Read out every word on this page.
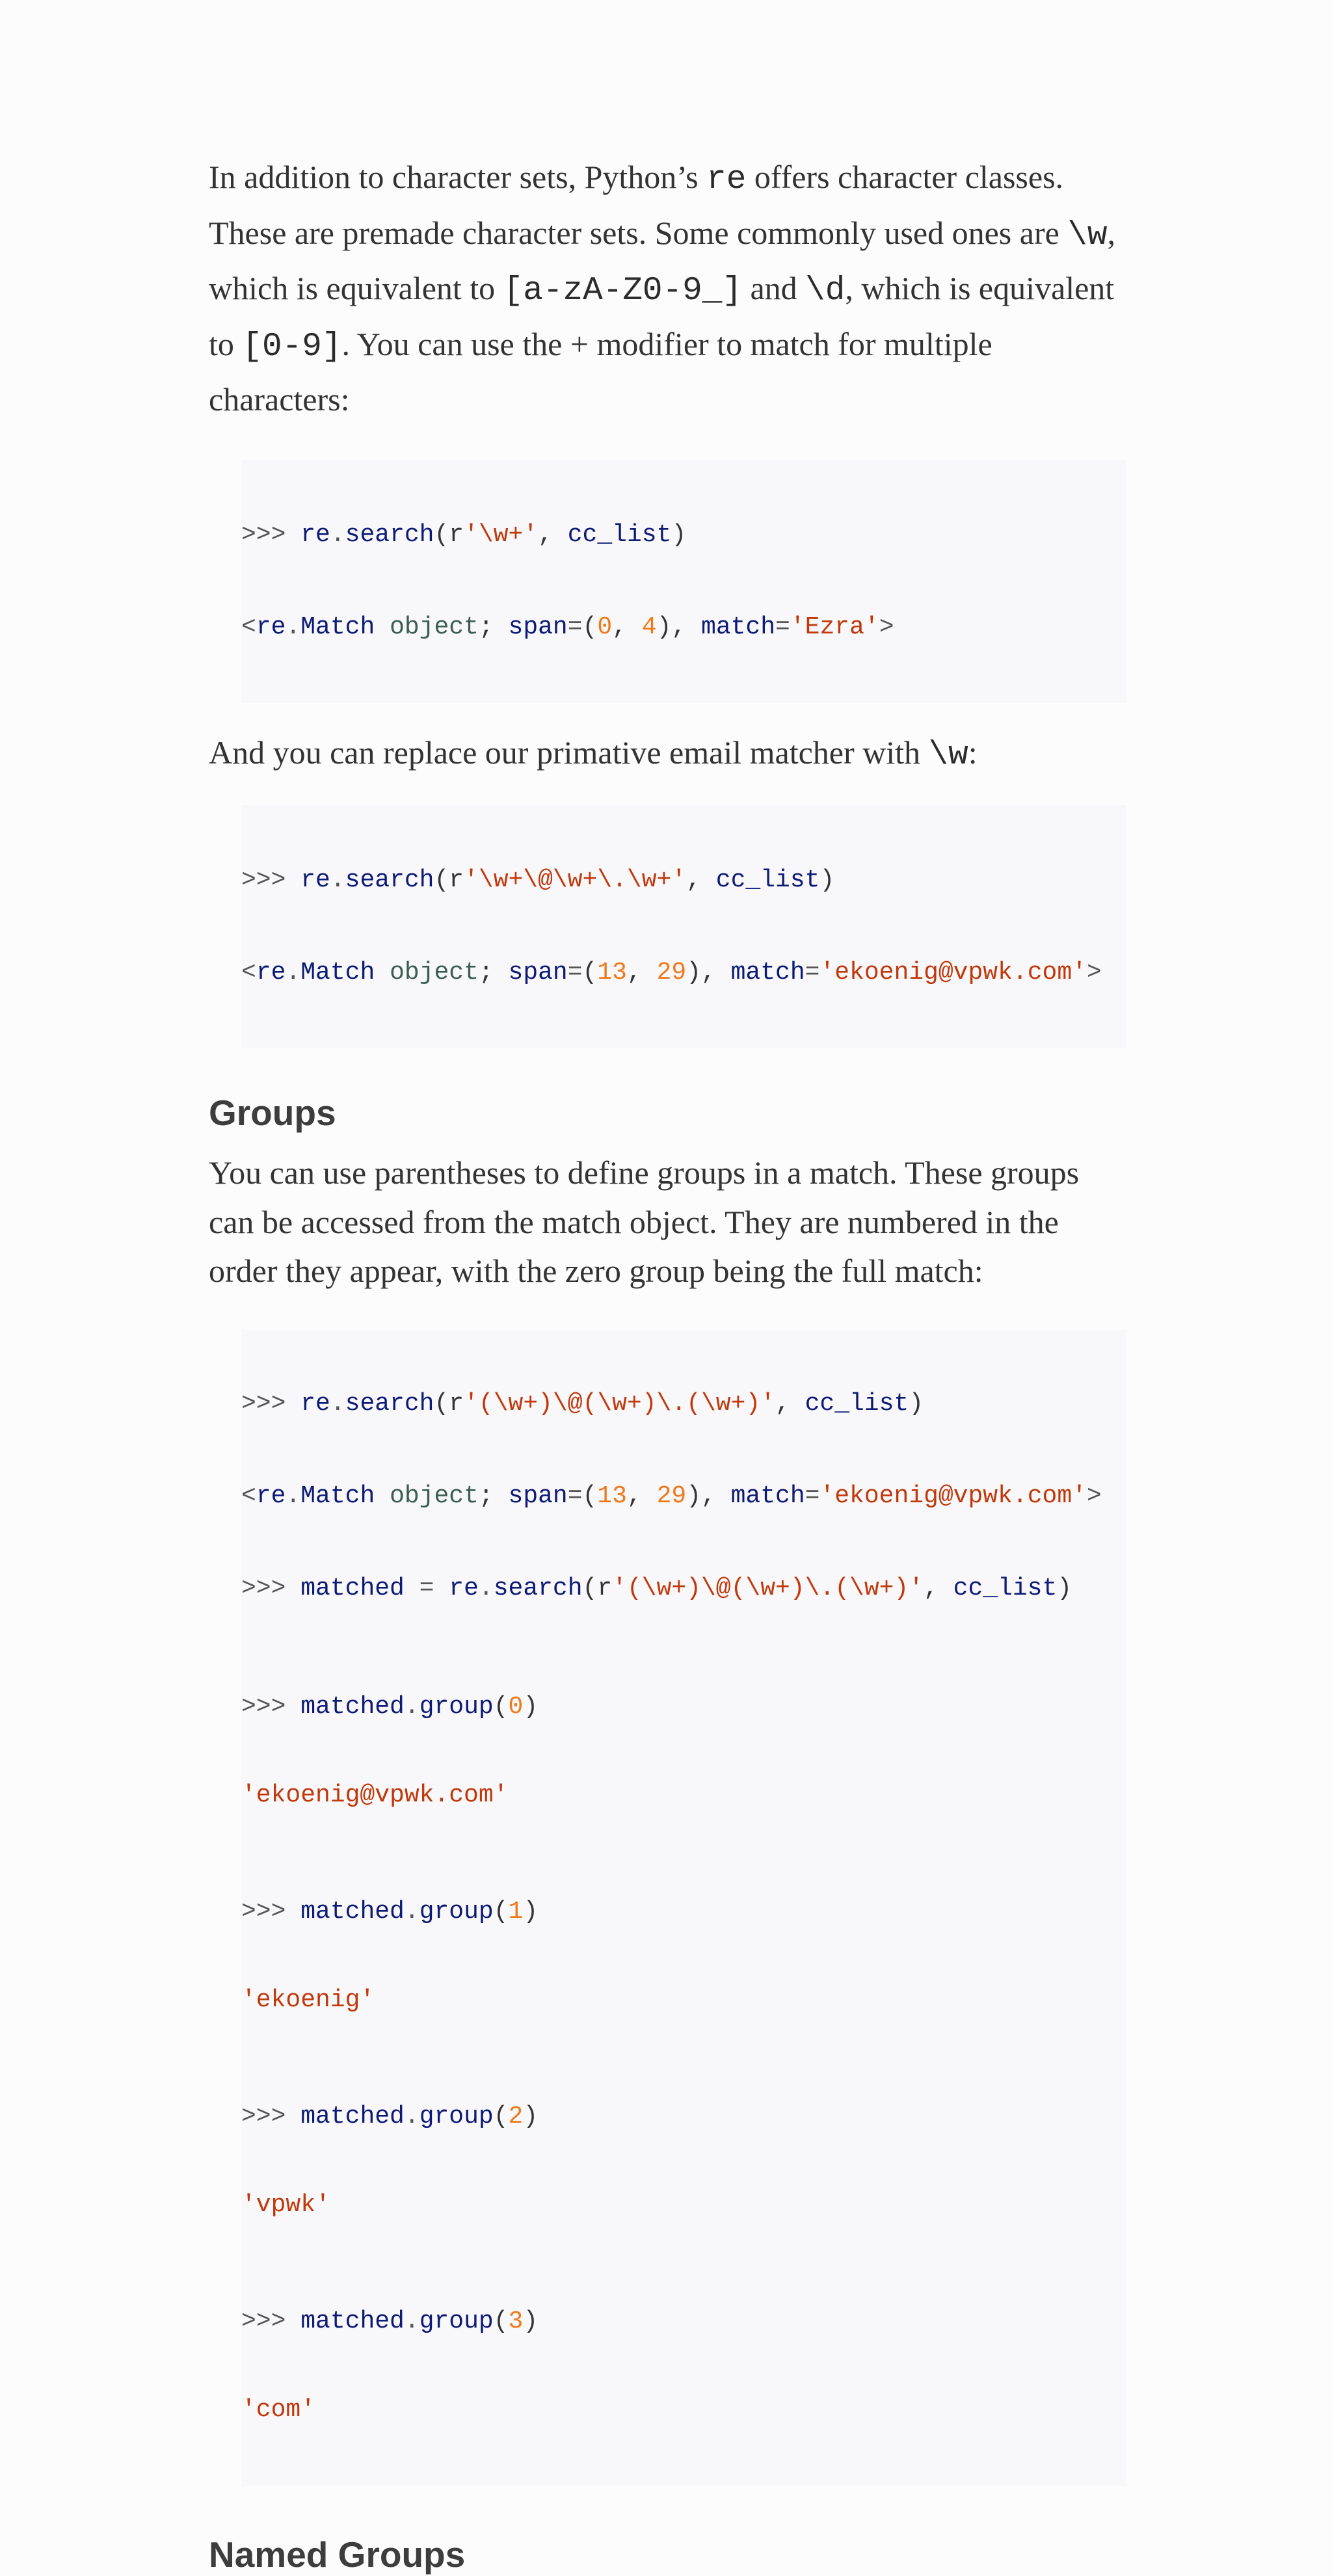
In addition to character sets, Python’s re offers character classes. These are premade character sets. Some commonly used ones are \w, which is equivalent to [a-zA-Z0-9_] and \d, which is equivalent to [0-9]. You can use the + modifier to match for multiple characters:

>>> re.search(r'\w+', cc_list)

<re.Match object; span=(0, 4), match='Ezra'>

And you can replace our primative email matcher with \w:

>>> re.search(r'\w+\@\w+\.\w+', cc_list)

<re.Match object; span=(13, 29), match='ekoenig@vpwk.com'>

Groups

You can use parentheses to define groups in a match. These groups can be accessed from the match object. They are numbered in the order they appear, with the zero group being the full match:

>>> re.search(r'(\w+)\@(\w+)\.(\w+)', cc_list)

<re.Match object; span=(13, 29), match='ekoenig@vpwk.com'>

>>> matched = re.search(r'(\w+)\@(\w+)\.(\w+)', cc_list)

>>> matched.group(0)

'ekoenig@vpwk.com'

>>> matched.group(1)

'ekoenig'

>>> matched.group(2)

'vpwk'

>>> matched.group(3)

'com'

Named Groups
